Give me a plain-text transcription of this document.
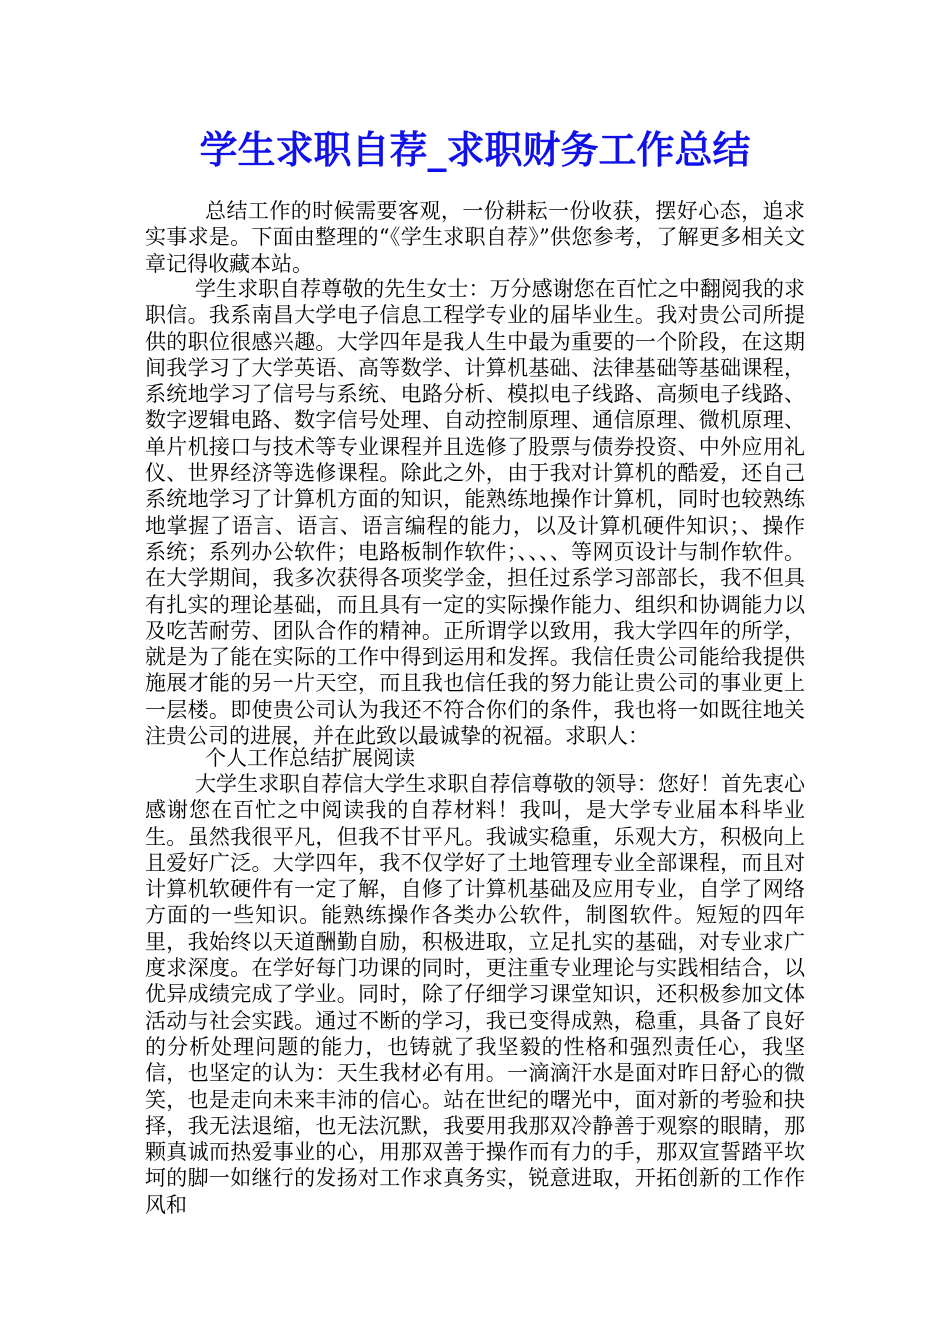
学生求职自荐_求职财务工作总结

总结工作的时候需要客观，一份耕耘一份收获，摆好心态，追求实事求是。下面由整理的“《学生求职自荐》”供您参考，了解更多相关文章记得收藏本站。

学生求职自荐尊敬的先生女士：万分感谢您在百忙之中翻阅我的求职信。我系南昌大学电子信息工程学专业的届毕业生。我对贵公司所提供的职位很感兴趣。大学四年是我人生中最为重要的一个阶段，在这期间我学习了大学英语、高等数学、计算机基础、法律基础等基础课程，系统地学习了信号与系统、电路分析、模拟电子线路、高频电子线路、数字逻辑电路、数字信号处理、自动控制原理、通信原理、微机原理、单片机接口与技术等专业课程并且选修了股票与债券投资、中外应用礼仪、世界经济等选修课程。除此之外，由于我对计算机的酷爱，还自己系统地学习了计算机方面的知识，能熟练地操作计算机，同时也较熟练地掌握了语言、语言、语言编程的能力，以及计算机硬件知识；、操作系统；系列办公软件；电路板制作软件；、、、、等网页设计与制作软件。在大学期间，我多次获得各项奖学金，担任过系学习部部长，我不但具有扎实的理论基础，而且具有一定的实际操作能力、组织和协调能力以及吃苦耐劳、团队合作的精神。正所谓学以致用，我大学四年的所学，就是为了能在实际的工作中得到运用和发挥。我信任贵公司能给我提供施展才能的另一片天空，而且我也信任我的努力能让贵公司的事业更上一层楼。即使贵公司认为我还不符合你们的条件，我也将一如既往地关注贵公司的进展，并在此致以最诚挚的祝福。求职人：

个人工作总结扩展阅读

大学生求职自荐信大学生求职自荐信尊敬的领导：您好！首先衷心感谢您在百忙之中阅读我的自荐材料！我叫，是大学专业届本科毕业生。虽然我很平凡，但我不甘平凡。我诚实稳重，乐观大方，积极向上且爱好广泛。大学四年，我不仅学好了土地管理专业全部课程，而且对计算机软硬件有一定了解，自修了计算机基础及应用专业，自学了网络方面的一些知识。能熟练操作各类办公软件，制图软件。短短的四年里，我始终以天道酬勤自励，积极进取，立足扎实的基础，对专业求广度求深度。在学好每门功课的同时，更注重专业理论与实践相结合，以优异成绩完成了学业。同时，除了仔细学习课堂知识，还积极参加文体活动与社会实践。通过不断的学习，我已变得成熟，稳重，具备了良好的分析处理问题的能力，也铸就了我坚毅的性格和强烈责任心，我坚信，也坚定的认为：天生我材必有用。一滴滴汗水是面对昨日舒心的微笑，也是走向未来丰沛的信心。站在世纪的曙光中，面对新的考验和抉择，我无法退缩，也无法沉默，我要用我那双冷静善于观察的眼睛，那颗真诚而热爱事业的心，用那双善于操作而有力的手，那双宣誓踏平坎坷的脚一如继行的发扬对工作求真务实，锐意进取，开拓创新的工作作风和
